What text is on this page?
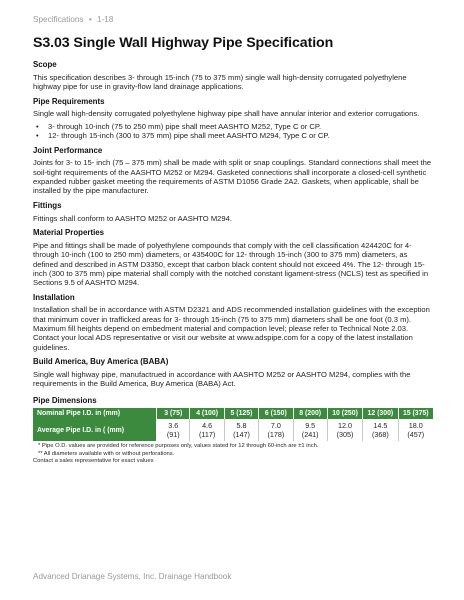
Specifications • 1-18
S3.03 Single Wall Highway Pipe Specification
Scope

This specification describes 3- through 15-inch (75 to 375 mm) single wall high-density corrugated polyethylene highway pipe for use in gravity-flow land drainage applications.

Pipe Requirements

Single wall high-density corrugated polyethylene highway pipe shall have annular interior and exterior corrugations.

• 3- through 10-inch (75 to 250 mm) pipe shall meet AASHTO M252, Type C or CP.
• 12- through 15-inch (300 to 375 mm) pipe shall meet AASHTO M294, Type C or CP.
Joint Performance

Joints for 3- to 15- inch (75 – 375 mm) shall be made with split or snap couplings. Standard connections shall meet the soil-tight requirements of the AASHTO M252 or M294. Gasketed connections shall incorporate a closed-cell synthetic expanded rubber gasket meeting the requirements of ASTM D1056 Grade 2A2. Gaskets, when applicable, shall be installed by the pipe manufacturer.

Fittings

Fittings shall conform to AASHTO M252 or AASHTO M294.

Material Properties

Pipe and fittings shall be made of polyethylene compounds that comply with the cell classification 424420C for 4- through 10-inch (100 to 250 mm) diameters, or 435400C for 12- through 15-inch (300 to 375 mm) diameters, as defined and described in ASTM D3350, except that carbon black content should not exceed 4%. The 12- through 15-inch (300 to 375 mm) pipe material shall comply with the notched constant ligament-stress (NCLS) test as specified in Sections 9.5 of AASHTO M294.

Installation

Installation shall be in accordance with ASTM D2321 and ADS recommended installation guidelines with the exception that minimum cover in trafficked areas for 3- through 15-inch (75 to 375 mm) diameters shall be one foot (0.3 m). Maximum fill heights depend on embedment material and compaction level; please refer to Technical Note 2.03. Contact your local ADS representative or visit our website at www.adspipe.com for a copy of the latest installation guidelines.

Build America, Buy America (BABA)

Single wall highway pipe, manufactrued in accordance with AASHTO M252 or AASHTO M294, complies with the requirements in the Build America, Buy America (BABA) Act.

Pipe Dimensions
Nominal Pipe I.D. in (mm)	3 (75)	4 (100)	5 (125)	6 (150)	8 (200)	10 (250)	12 (300)	15 (375)
Average Pipe I.D. in ( (mm)	3.6
(91)	4.6
(117)	5.8
(147)	7.0
(178)	9.5
(241)	12.0
(305)	14.5
(368)	18.0
(457)
* Pipe O.D. values are provided for reference purposes only, values stated for 12 through 60-inch are ±1 inch.
** All diameters available with or without perforations.
Contact a sales representative for exact values
Advanced Drianage Systems, Inc. Drainage Handbook
